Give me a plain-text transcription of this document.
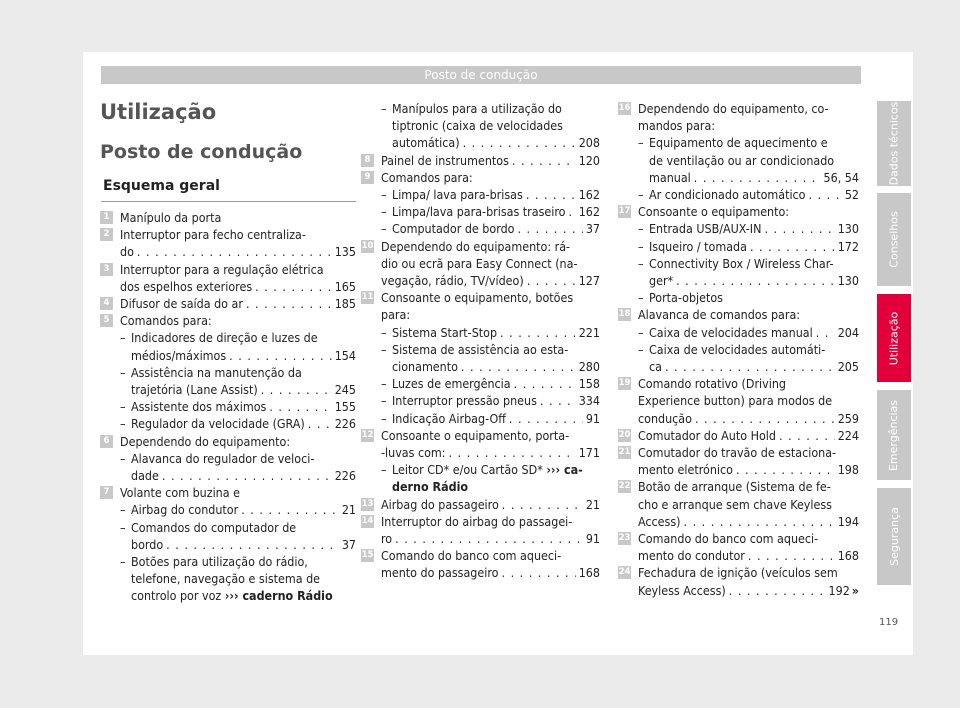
Posto de condução
Utilização
Posto de condução
Esquema geral
1 Manípulo da porta
2 Interruptor para fecho centraliza-
do . . .	135
3 Interruptor para a regulação elétrica
dos espelhos exteriores . . .	165
4 Difusor de saída do ar . . .	185
5 Comandos para:
– Indicadores de direção e luzes de
médios/máximos . . .	154
– Assistência na manutenção da
trajetória (Lane Assist) . . .	245
– Assistente dos máximos . . .	155
– Regulador da velocidade (GRA) . . . 226
6 Dependendo do equipamento:
– Alavanca do regulador de veloci-
dade . . .	226
7 Volante com buzina e
– Airbag do condutor . . .	21
– Comandos do computador de
bordo . . .	37
– Botões para utilização do rádio,
telefone, navegação e sistema de
controlo por voz ››› caderno Rádio
– Manípulos para a utilização do
tiptronic (caixa de velocidades
automática) . . .	208
8 Painel de instrumentos . . .	120
9 Comandos para:
– Limpa/ lava para-brisas . . .	162
– Limpa/lava para-brisas traseiro . . . 162
– Computador de bordo . . .	37
10 Dependendo do equipamento: rá-
dio ou ecrã para Easy Connect (na-
vegação, rádio, TV/vídeo) . . .	127
11 Consoante o equipamento, botões
para:
– Sistema Start-Stop . . .	221
– Sistema de assistência ao esta-
cionamento . . .	280
– Luzes de emergência . . .	158
– Interruptor pressão pneus . . .	334
– Indicação Airbag-Off . . .	91
12 Consoante o equipamento, porta-
-luvas com: . . .	171
– Leitor CD* e/ou Cartão SD* ››› ca-
derno Rádio
13 Airbag do passageiro . . .	21
14 Interruptor do airbag do passagei-
ro . . .	91
15 Comando do banco com aqueci-
mento do passageiro . . .	168
16 Dependendo do equipamento, co-
mandos para:
– Equipamento de aquecimento e
de ventilação ou ar condicionado
manual . . .	56, 54
– Ar condicionado automático . . .	52
17 Consoante o equipamento:
– Entrada USB/AUX-IN . . .	130
– Isqueiro / tomada . . .	172
– Connectivity Box / Wireless Char-
ger* . . .	130
– Porta-objetos
18 Alavanca de comandos para:
– Caixa de velocidades manual . . . 204
– Caixa de velocidades automáti-
ca . . .	205
19 Comando rotativo (Driving
Experience button) para modos de
condução . . .	259
20 Comutador do Auto Hold . . .	224
21 Comutador do travão de estaciona-
mento eletrónico . . .	198
22 Botão de arranque (Sistema de fe-
cho e arranque sem chave Keyless
Access) . . .	194
23 Comando do banco com aqueci-
mento do condutor . . .	168
24 Fechadura de ignição (veículos sem
Keyless Access) . . .	192 »
Dados técnicos
Conselhos
Utilização
Emergências
Segurança
119
